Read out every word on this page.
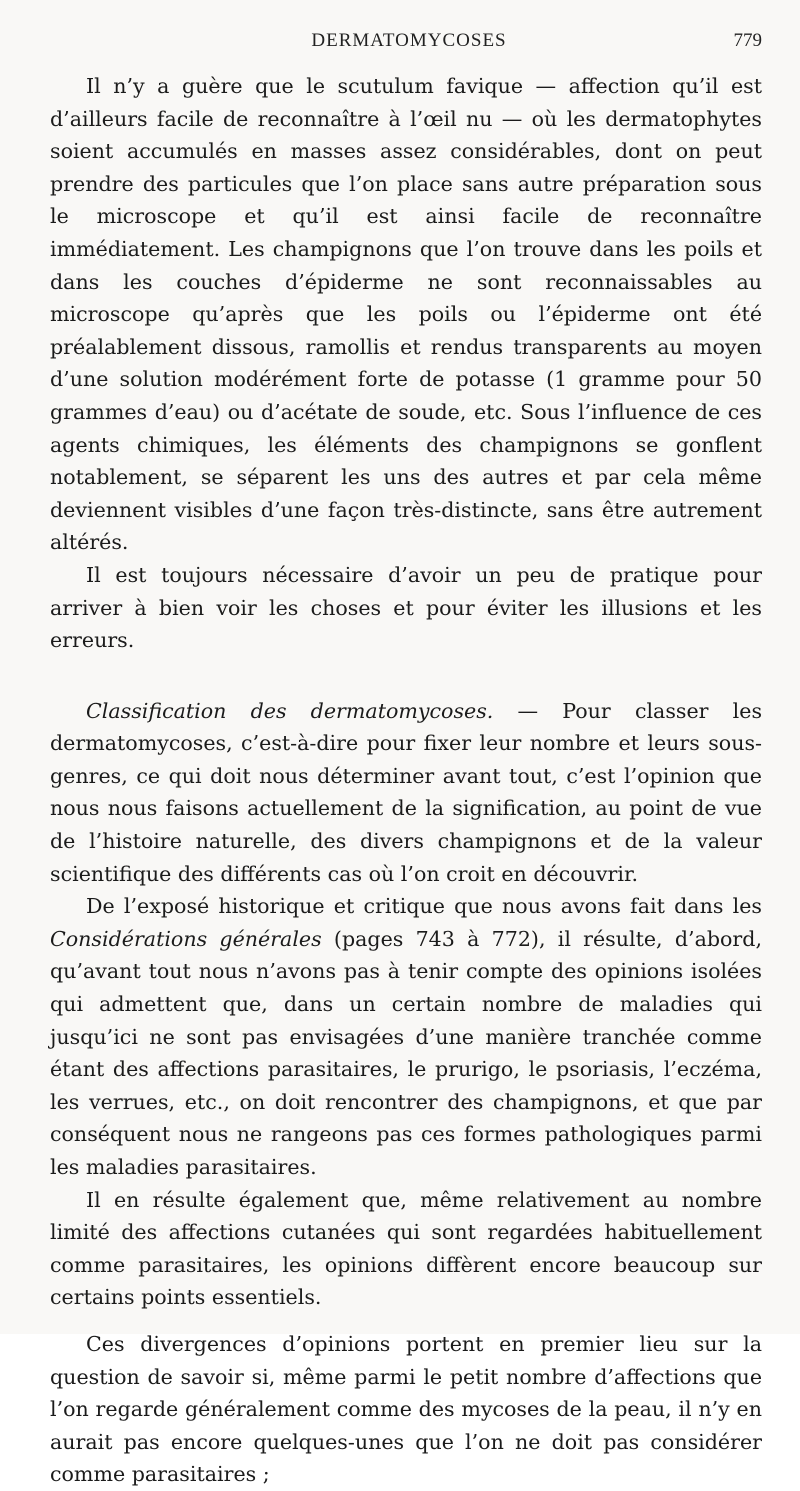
DERMATOMYCOSES	779

Il n’y a guère que le scutulum favique — affection qu’il est d’ailleurs facile de reconnaître à l’œil nu — où les dermatophytes soient accumulés en masses assez considérables, dont on peut prendre des particules que l’on place sans autre préparation sous le microscope et qu’il est ainsi facile de reconnaître immédiatement. Les champignons que l’on trouve dans les poils et dans les couches d’épiderme ne sont reconnaissables au microscope qu’après que les poils ou l’épiderme ont été préalablement dissous, ramollis et rendus transparents au moyen d’une solution modérément forte de potasse (1 gramme pour 50 grammes d’eau) ou d’acétate de soude, etc. Sous l’influence de ces agents chimiques, les éléments des champignons se gonflent notablement, se séparent les uns des autres et par cela même deviennent visibles d’une façon très-distincte, sans être autrement altérés.

Il est toujours nécessaire d’avoir un peu de pratique pour arriver à bien voir les choses et pour éviter les illusions et les erreurs.

Classification des dermatomycoses. — Pour classer les dermatomycoses, c’est-à-dire pour fixer leur nombre et leurs sous-genres, ce qui doit nous déterminer avant tout, c’est l’opinion que nous nous faisons actuellement de la signification, au point de vue de l’histoire naturelle, des divers champignons et de la valeur scientifique des différents cas où l’on croit en découvrir.

De l’exposé historique et critique que nous avons fait dans les Considérations générales (pages 743 à 772), il résulte, d’abord, qu’avant tout nous n’avons pas à tenir compte des opinions isolées qui admettent que, dans un certain nombre de maladies qui jusqu’ici ne sont pas envisagées d’une manière tranchée comme étant des affections parasitaires, le prurigo, le psoriasis, l’eczéma, les verrues, etc., on doit rencontrer des champignons, et que par conséquent nous ne rangeons pas ces formes pathologiques parmi les maladies parasitaires.

Il en résulte également que, même relativement au nombre limité des affections cutanées qui sont regardées habituellement comme parasitaires, les opinions diffèrent encore beaucoup sur certains points essentiels.

Ces divergences d’opinions portent en premier lieu sur la question de savoir si, même parmi le petit nombre d’affections que l’on regarde généralement comme des mycoses de la peau, il n’y en aurait pas encore quelques-unes que l’on ne doit pas considérer comme parasitaires ;
